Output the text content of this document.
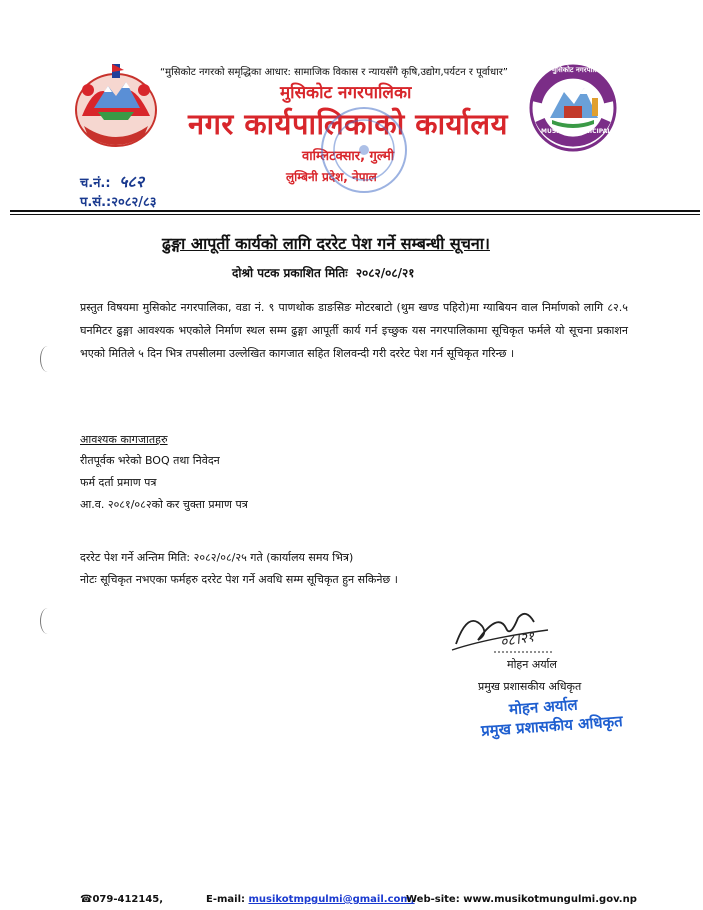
“मुसिकोट नगरको समृद्धिका आधार: सामाजिक विकास र न्यायसँगै कृषि,उद्योग,पर्यटन र पूर्वाधार”
मुसिकोट नगरपालिका
नगर कार्यपालिकाको कार्यालय
वाम्लिटक्सार, गुल्मी
लुम्बिनी प्रदेश, नेपाल
मुसिकोट नगरपालिका
MUSIKOT MUNICIPALITY
च.नं.: ५८२
प.सं.:२०८२/८३
ढुङ्गा आपूर्ती कार्यको लागि दररेट पेश गर्ने सम्बन्धी सूचना।
दोश्रो पटक प्रकाशित मितिः २०८२/०८/२१
प्रस्तुत विषयमा मुसिकोट नगरपालिका, वडा नं. ९ पाणथोक डाङसिङ मोटरबाटो (थुम खण्ड पहिरो)मा ग्याबियन वाल निर्माणको लागि ८२.५ घनमिटर ढुङ्गा आवश्यक भएकोले निर्माण स्थल सम्म ढुङ्गा आपूर्ती कार्य गर्न इच्छुक यस नगरपालिकामा सूचिकृत फर्मले यो सूचना प्रकाशन भएको मितिले ५ दिन भित्र तपसीलमा उल्लेखित कागजात सहित शिलवन्दी गरी दररेट पेश गर्न सूचिकृत गरिन्छ ।
आवश्यक कागजातहरु
रीतपूर्वक भरेको BOQ तथा निवेदन
फर्म दर्ता प्रमाण पत्र
आ.व. २०८१/०८२को कर चुक्ता प्रमाण पत्र
दररेट पेश गर्ने अन्तिम मिति: २०८२/०८/२५ गते (कार्यालय समय भित्र)
नोटः सूचिकृत नभएका फर्महरु दररेट पेश गर्ने अवधि सम्म सूचिकृत हुन सकिनेछ ।
०८।२१
मोहन अर्याल
प्रमुख प्रशासकीय अधिकृत
मोहन अर्याल
प्रमुख प्रशासकीय अधिकृत
☎079-412145,	E-mail: musikotmpgulmi@gmail.com,
Web-site: www.musikotmungulmi.gov.np
